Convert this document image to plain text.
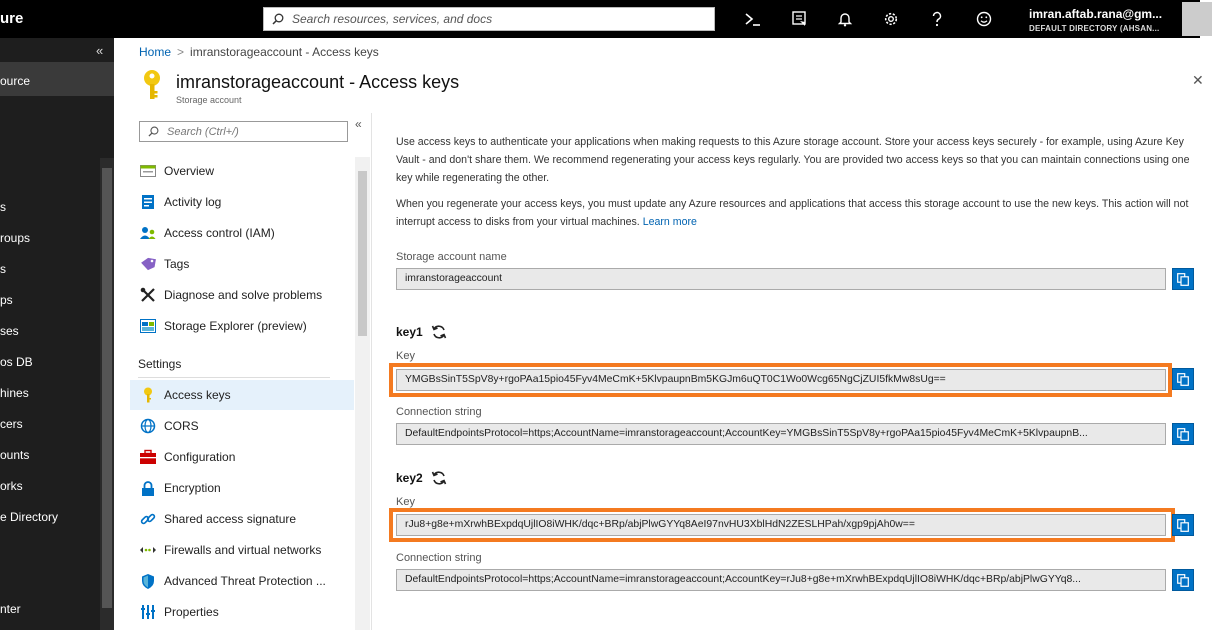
ure	Search resources, services, and docs	imran.aftab.rana@gm...
DEFAULT DIRECTORY (AHSAN...
«
ource
s
roups
s
ps
ses
os DB
hines
cers
ounts
orks
e Directory
nter
Home > imranstorageaccount - Access keys
imranstorageaccount - Access keys
Storage account
✕
Search (Ctrl+/)
«
Overview
Activity log
Access control (IAM)
Tags
Diagnose and solve problems
Storage Explorer (preview)
Settings
Access keys
CORS
Configuration
Encryption
Shared access signature
Firewalls and virtual networks
Advanced Threat Protection ...
Properties

Use access keys to authenticate your applications when making requests to this Azure storage account. Store your access keys securely - for example, using Azure Key Vault - and don't share them. We recommend regenerating your access keys regularly. You are provided two access keys so that you can maintain connections using one key while regenerating the other.

When you regenerate your access keys, you must update any Azure resources and applications that access this storage account to use the new keys. This action will not interrupt access to disks from your virtual machines. Learn more

Storage account name
imranstorageaccount
key1
Key
YMGBsSinT5SpV8y+rgoPAa15pio45Fyv4MeCmK+5KlvpaupnBm5KGJm6uQT0C1Wo0Wcg65NgCjZUI5fkMw8sUg==
Connection string
DefaultEndpointsProtocol=https;AccountName=imranstorageaccount;AccountKey=YMGBsSinT5SpV8y+rgoPAa15pio45Fyv4MeCmK+5KlvpaupnB...
key2
Key
rJu8+g8e+mXrwhBExpdqUjlIO8iWHK/dqc+BRp/abjPlwGYYq8AeI97nvHU3XblHdN2ZESLHPah/xgp9pjAh0w==
Connection string
DefaultEndpointsProtocol=https;AccountName=imranstorageaccount;AccountKey=rJu8+g8e+mXrwhBExpdqUjlIO8iWHK/dqc+BRp/abjPlwGYYq8...
